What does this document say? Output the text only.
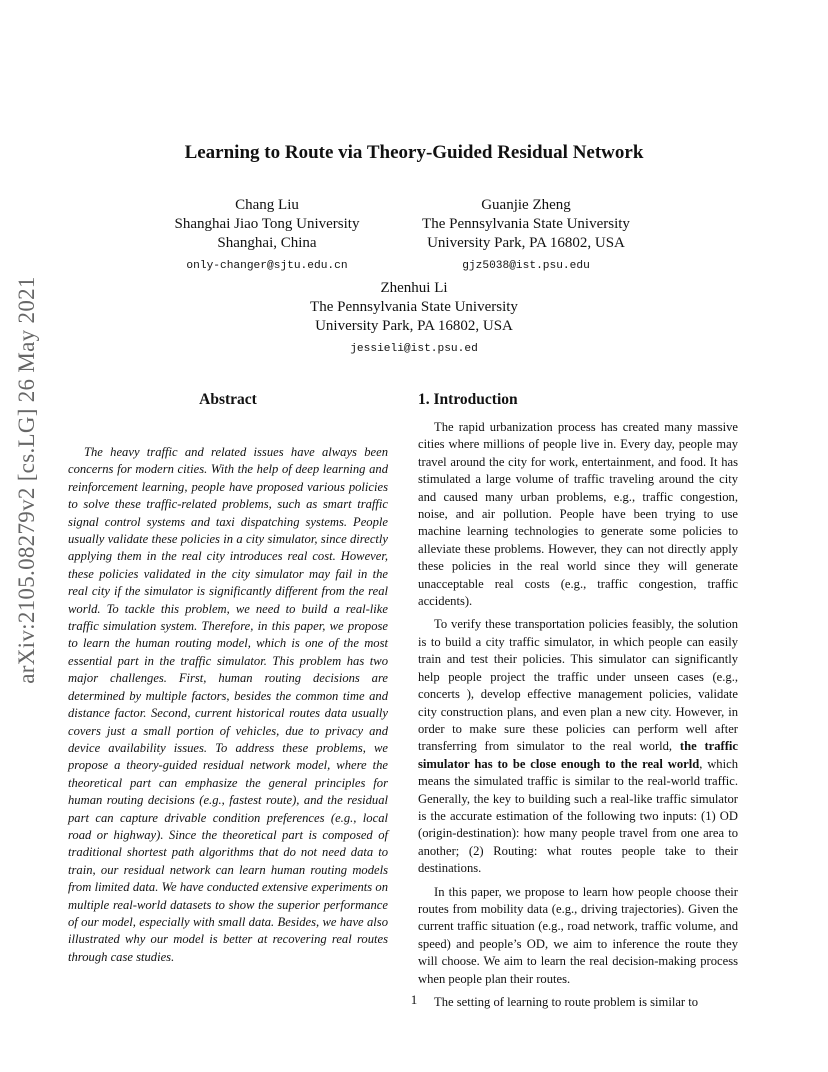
arXiv:2105.08279v2 [cs.LG] 26 May 2021
Learning to Route via Theory-Guided Residual Network
Chang Liu
Shanghai Jiao Tong University
Shanghai, China
only-changer@sjtu.edu.cn
Guanjie Zheng
The Pennsylvania State University
University Park, PA 16802, USA
gjz5038@ist.psu.edu
Zhenhui Li
The Pennsylvania State University
University Park, PA 16802, USA
jessieli@ist.psu.ed
Abstract

The heavy traffic and related issues have always been concerns for modern cities. With the help of deep learning and reinforcement learning, people have proposed various policies to solve these traffic-related problems, such as smart traffic signal control systems and taxi dispatching systems. People usually validate these policies in a city simulator, since directly applying them in the real city introduces real cost. However, these policies validated in the city simulator may fail in the real city if the simulator is significantly different from the real world. To tackle this problem, we need to build a real-like traffic simulation system. Therefore, in this paper, we propose to learn the human routing model, which is one of the most essential part in the traffic simulator. This problem has two major challenges. First, human routing decisions are determined by multiple factors, besides the common time and distance factor. Second, current historical routes data usually covers just a small portion of vehicles, due to privacy and device availability issues. To address these problems, we propose a theory-guided residual network model, where the theoretical part can emphasize the general principles for human routing decisions (e.g., fastest route), and the residual part can capture drivable condition preferences (e.g., local road or highway). Since the theoretical part is composed of traditional shortest path algorithms that do not need data to train, our residual network can learn human routing models from limited data. We have conducted extensive experiments on multiple real-world datasets to show the superior performance of our model, especially with small data. Besides, we have also illustrated why our model is better at recovering real routes through case studies.

1. Introduction

The rapid urbanization process has created many massive cities where millions of people live in. Every day, people may travel around the city for work, entertainment, and food. It has stimulated a large volume of traffic traveling around the city and caused many urban problems, e.g., traffic congestion, noise, and air pollution. People have been trying to use machine learning technologies to generate some policies to alleviate these problems. However, they can not directly apply these policies in the real world since they will generate unacceptable real costs (e.g., traffic congestion, traffic accidents).

To verify these transportation policies feasibly, the solution is to build a city traffic simulator, in which people can easily train and test their policies. This simulator can significantly help people project the traffic under unseen cases (e.g., concerts ), develop effective management policies, validate city construction plans, and even plan a new city. However, in order to make sure these policies can perform well after transferring from simulator to the real world, the traffic simulator has to be close enough to the real world, which means the simulated traffic is similar to the real-world traffic. Generally, the key to building such a real-like traffic simulator is the accurate estimation of the following two inputs: (1) OD (origin-destination): how many people travel from one area to another; (2) Routing: what routes people take to their destinations.

In this paper, we propose to learn how people choose their routes from mobility data (e.g., driving trajectories). Given the current traffic situation (e.g., road network, traffic volume, and speed) and people’s OD, we aim to inference the route they will choose. We aim to learn the real decision-making process when people plan their routes.

The setting of learning to route problem is similar to

1
